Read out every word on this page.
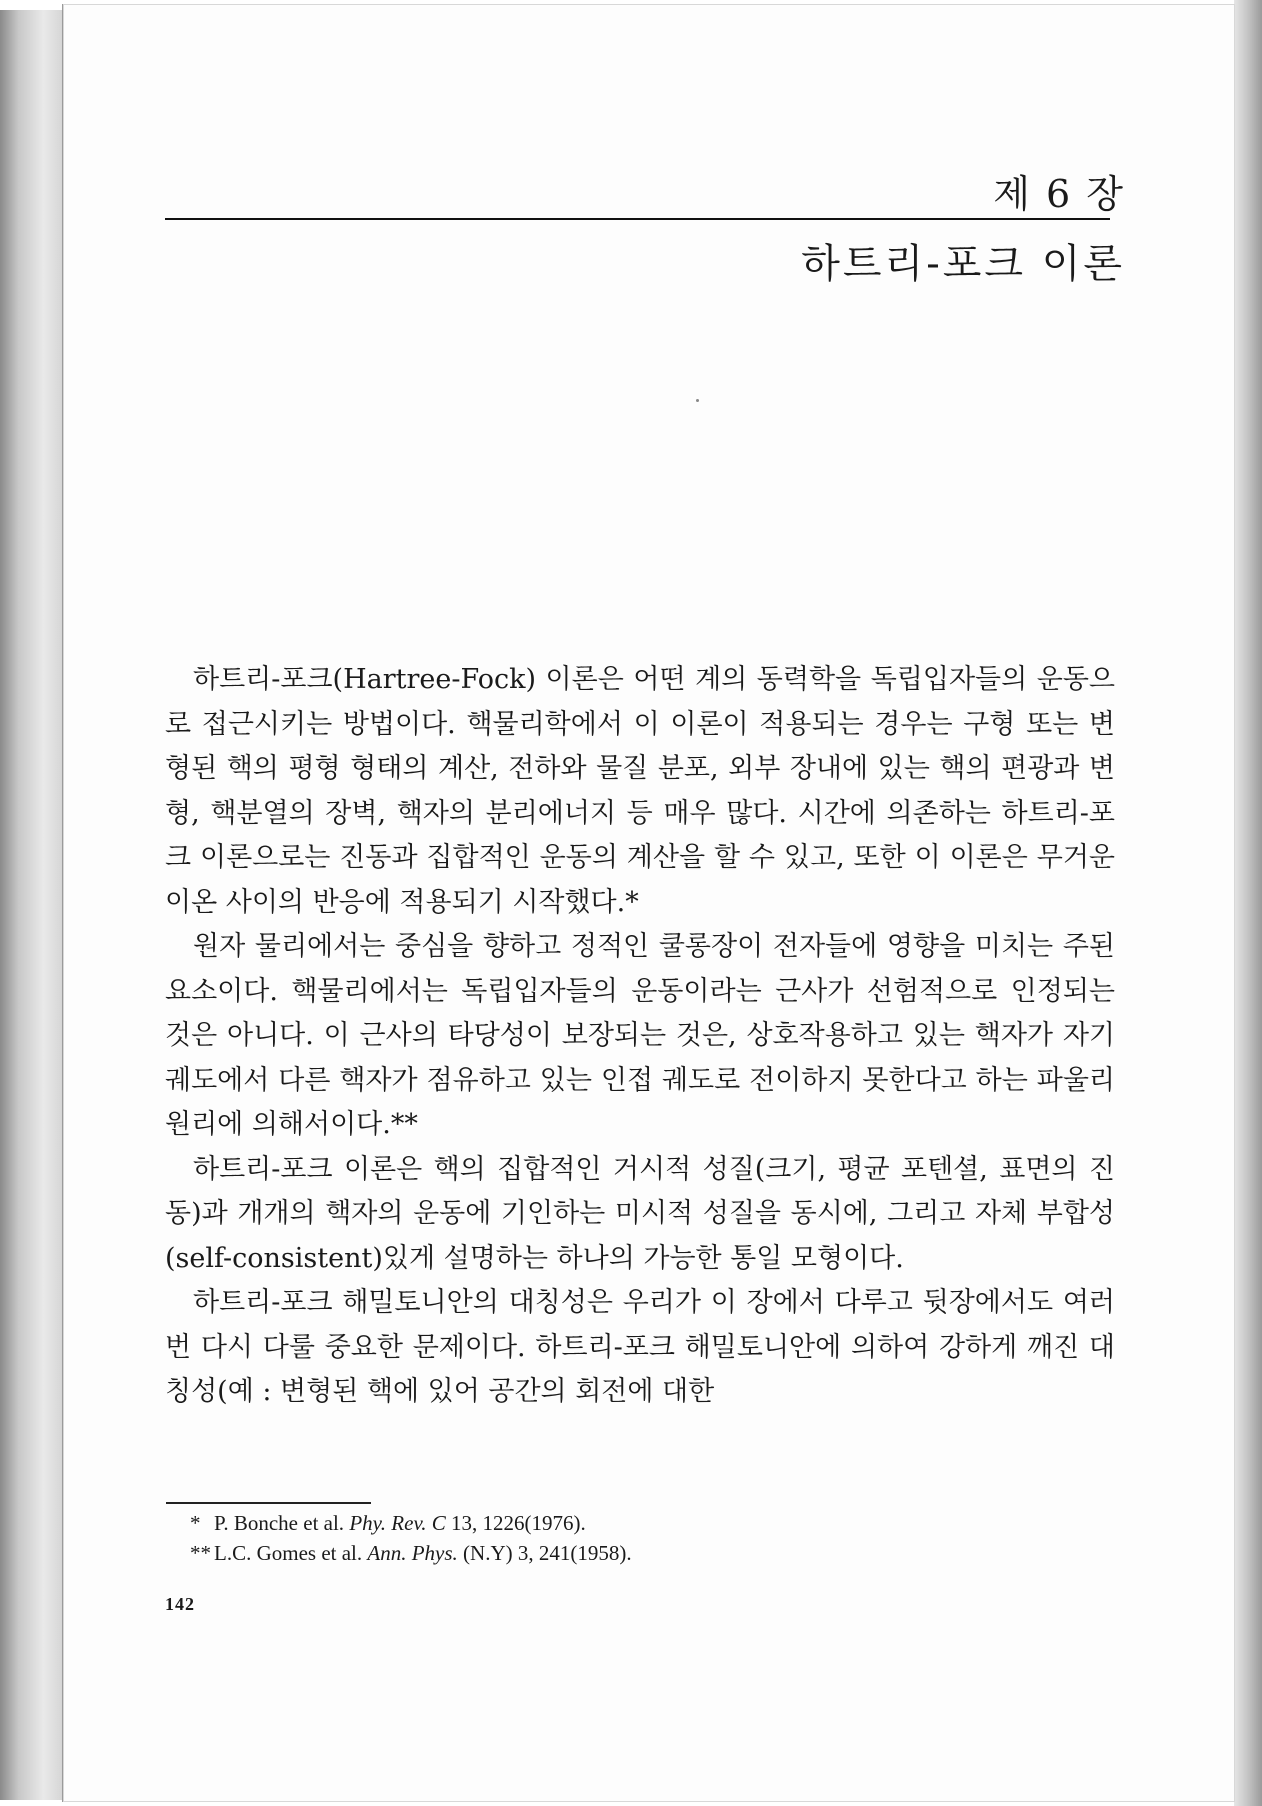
제 6 장
하트리-포크 이론

하트리-포크(Hartree-Fock) 이론은 어떤 계의 동력학을 독립입자들의 운동으로 접근시키는 방법이다. 핵물리학에서 이 이론이 적용되는 경우는 구형 또는 변형된 핵의 평형 형태의 계산, 전하와 물질 분포, 외부 장내에 있는 핵의 편광과 변형, 핵분열의 장벽, 핵자의 분리에너지 등 매우 많다. 시간에 의존하는 하트리-포크 이론으로는 진동과 집합적인 운동의 계산을 할 수 있고, 또한 이 이론은 무거운 이온 사이의 반응에 적용되기 시작했다.*

원자 물리에서는 중심을 향하고 정적인 쿨롱장이 전자들에 영향을 미치는 주된 요소이다. 핵물리에서는 독립입자들의 운동이라는 근사가 선험적으로 인정되는 것은 아니다. 이 근사의 타당성이 보장되는 것은, 상호작용하고 있는 핵자가 자기 궤도에서 다른 핵자가 점유하고 있는 인접 궤도로 전이하지 못한다고 하는 파울리 원리에 의해서이다.**

하트리-포크 이론은 핵의 집합적인 거시적 성질(크기, 평균 포텐셜, 표면의 진동)과 개개의 핵자의 운동에 기인하는 미시적 성질을 동시에, 그리고 자체 부합성(self-consistent)있게 설명하는 하나의 가능한 통일 모형이다.

하트리-포크 해밀토니안의 대칭성은 우리가 이 장에서 다루고 뒷장에서도 여러 번 다시 다룰 중요한 문제이다. 하트리-포크 해밀토니안에 의하여 강하게 깨진 대칭성(예 : 변형된 핵에 있어 공간의 회전에 대한

* P. Bonche et al. Phy. Rev. C 13, 1226(1976).
** L.C. Gomes et al. Ann. Phys. (N.Y) 3, 241(1958).
142
